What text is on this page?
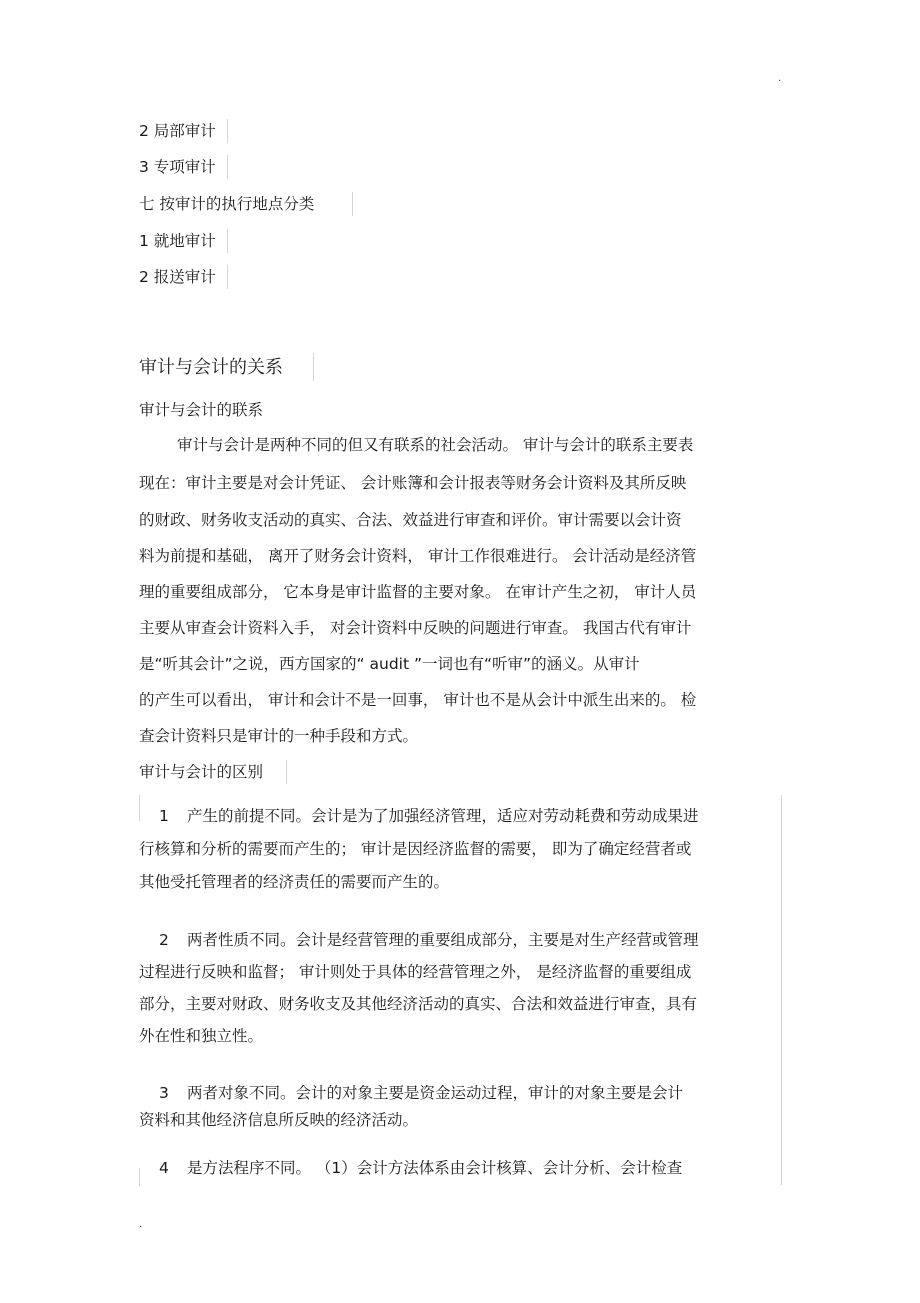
.
.
2 局部审计
3 专项审计
七 按审计的执行地点分类
1 就地审计
2 报送审计
审计与会计的关系
审计与会计的联系
审计与会计是两种不同的但又有联系的社会活动。 审计与会计的联系主要表
现在：审计主要是对会计凭证、 会计账簿和会计报表等财务会计资料及其所反映
的财政、财务收支活动的真实、合法、效益进行审查和评价。审计需要以会计资
料为前提和基础， 离开了财务会计资料， 审计工作很难进行。 会计活动是经济管
理的重要组成部分， 它本身是审计监督的主要对象。 在审计产生之初， 审计人员
主要从审查会计资料入手， 对会计资料中反映的问题进行审查。 我国古代有审计
是“听其会计”之说，西方国家的“ audit ”一词也有“听审”的涵义。从审计
的产生可以看出， 审计和会计不是一回事， 审计也不是从会计中派生出来的。 检
查会计资料只是审计的一种手段和方式。
审计与会计的区别
1 产生的前提不同。会计是为了加强经济管理，适应对劳动耗费和劳动成果进
行核算和分析的需要而产生的； 审计是因经济监督的需要， 即为了确定经营者或
其他受托管理者的经济责任的需要而产生的。
2 两者性质不同。会计是经营管理的重要组成部分，主要是对生产经营或管理
过程进行反映和监督； 审计则处于具体的经营管理之外， 是经济监督的重要组成
部分，主要对财政、财务收支及其他经济活动的真实、合法和效益进行审查，具有
外在性和独立性。
3 两者对象不同。会计的对象主要是资金运动过程，审计的对象主要是会计
资料和其他经济信息所反映的经济活动。
4 是方法程序不同。 （1）会计方法体系由会计核算、会计分析、会计检查
